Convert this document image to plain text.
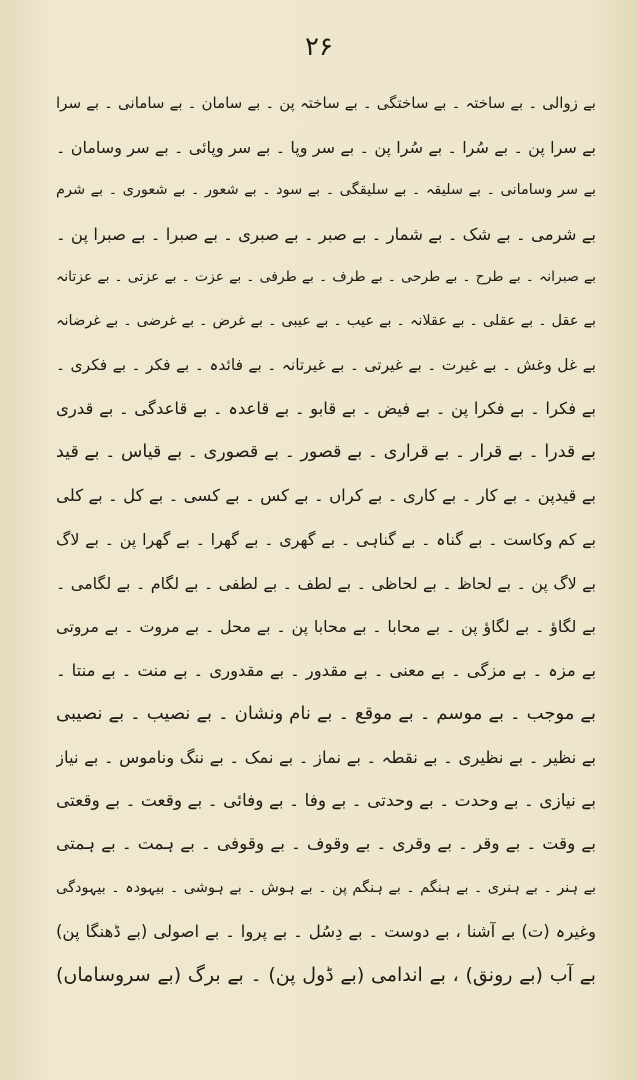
۲۶
بے زوالی ۔ بے ساختہ ۔ بے ساختگی ۔ بے ساختہ پن ۔ بے سامان ۔ بے سامانی ۔ بے سرا
بے سرا پن ۔ بے سُرا ۔ بے سُرا پن ۔ بے سر وپا ۔ بے سر وپائی ۔ بے سر وسامان ۔
بے سر وسامانی ۔ بے سلیقہ ۔ بے سلیقگی ۔ بے سود ۔ بے شعور ۔ بے شعوری ۔ بے شرم
بے شرمی ۔ بے شک ۔ بے شمار ۔ بے صبر ۔ بے صبری ۔ بے صبرا ۔ بے صبرا پن ۔
بے صبرانہ ۔ بے طرح ۔ بے طرحی ۔ بے طرف ۔ بے طرفی ۔ بے عزت ۔ بے عزتی ۔ بے عزتانہ
بے عقل ۔ بے عقلی ۔ بے عقلانہ ۔ بے عیب ۔ بے عیبی ۔ بے غرض ۔ بے غرضی ۔ بے غرضانہ
بے غل وغش ۔ بے غیرت ۔ بے غیرتی ۔ بے غیرتانہ ۔ بے فائدہ ۔ بے فکر ۔ بے فکری ۔
بے فکرا ۔ بے فکرا پن ۔ بے فیض ۔ بے قابو ۔ بے قاعدہ ۔ بے قاعدگی ۔ بے قدری
بے قدرا ۔ بے قرار ۔ بے قراری ۔ بے قصور ۔ بے قصوری ۔ بے قیاس ۔ بے قید
بے قیدپن ۔ بے کار ۔ بے کاری ۔ بے کراں ۔ بے کس ۔ بے کسی ۔ بے کل ۔ بے کلی
بے کم وکاست ۔ بے گناہ ۔ بے گناہی ۔ بے گھری ۔ بے گھرا ۔ بے گھرا پن ۔ بے لاگ
بے لاگ پن ۔ بے لحاظ ۔ بے لحاظی ۔ بے لطف ۔ بے لطفی ۔ بے لگام ۔ بے لگامی ۔
بے لگاؤ ۔ بے لگاؤ پن ۔ بے محابا ۔ بے محابا پن ۔ بے محل ۔ بے مروت ۔ بے مروتی
بے مزہ ۔ بے مزگی ۔ بے معنی ۔ بے مقدور ۔ بے مقدوری ۔ بے منت ۔ بے منتا ۔
بے موجب ۔ بے موسم ۔ بے موقع ۔ بے نام ونشان ۔ بے نصیب ۔ بے نصیبی
بے نظیر ۔ بے نظیری ۔ بے نقطہ ۔ بے نماز ۔ بے نمک ۔ بے ننگ وناموس ۔ بے نیاز
بے نیازی ۔ بے وحدت ۔ بے وحدتی ۔ بے وفا ۔ بے وفائی ۔ بے وقعت ۔ بے وقعتی
بے وقت ۔ بے وقر ۔ بے وقری ۔ بے وقوف ۔ بے وقوفی ۔ بے ہمت ۔ بے ہمتی
بے ہنر ۔ بے ہنری ۔ بے ہنگم ۔ بے ہنگم پن ۔ بے ہوش ۔ بے ہوشی ۔ بیہودہ ۔ بیہودگی
وغیرہ (ت) بے آشنا ، بے دوست ۔ بے دِسُل ۔ بے پروا ۔ بے اصولی (بے ڈھنگا پن)
بے آب (بے رونق) ، بے اندامی (بے ڈول پن) ۔ بے برگ (بے سروساماں)
